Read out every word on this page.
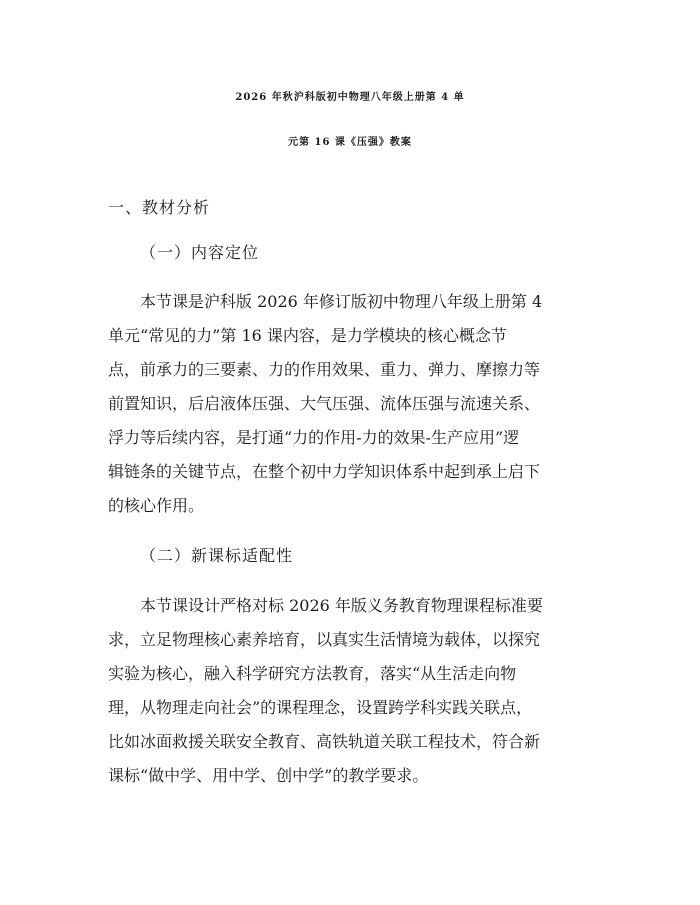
2026 年秋沪科版初中物理八年级上册第 4 单
元第 16 课《压强》教案
一、教材分析
（一）内容定位
本节课是沪科版 2026 年修订版初中物理八年级上册第 4
单元“常见的力”第 16 课内容，是力学模块的核心概念节
点，前承力的三要素、力的作用效果、重力、弹力、摩擦力等
前置知识，后启液体压强、大气压强、流体压强与流速关系、
浮力等后续内容，是打通“力的作用-力的效果-生产应用”逻
辑链条的关键节点，在整个初中力学知识体系中起到承上启下
的核心作用。
（二）新课标适配性
本节课设计严格对标 2026 年版义务教育物理课程标准要
求，立足物理核心素养培育，以真实生活情境为载体，以探究
实验为核心，融入科学研究方法教育，落实“从生活走向物
理，从物理走向社会”的课程理念，设置跨学科实践关联点，
比如冰面救援关联安全教育、高铁轨道关联工程技术，符合新
课标“做中学、用中学、创中学”的教学要求。
